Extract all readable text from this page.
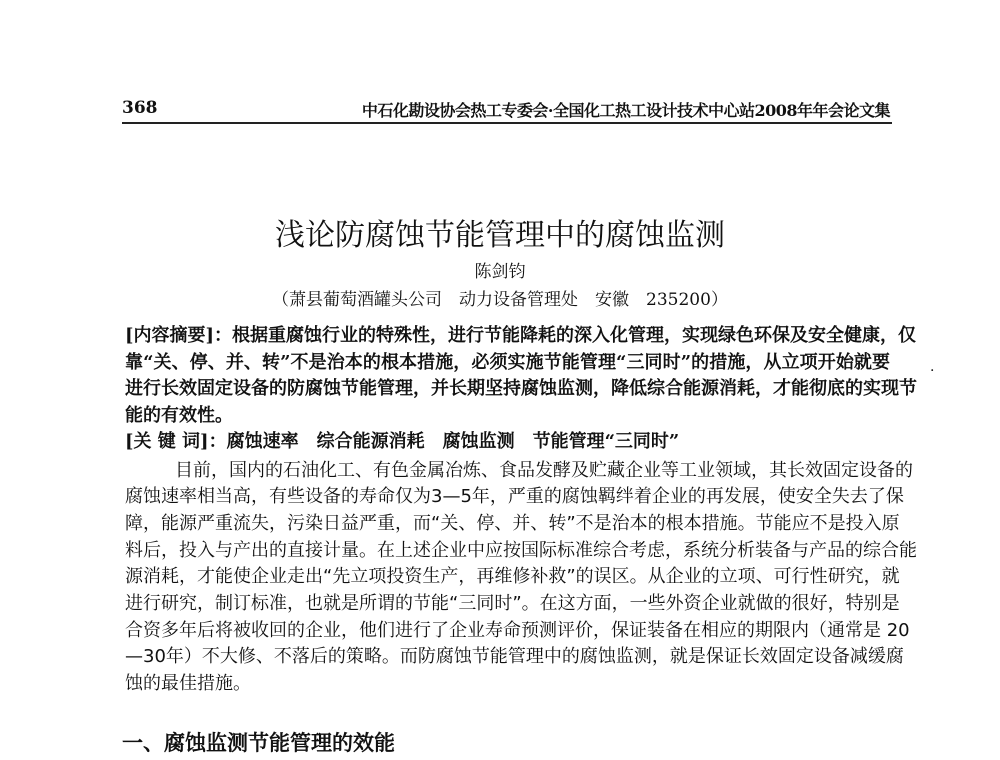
368	中石化勘设协会热工专委会·全国化工热工设计技术中心站2008年年会论文集
浅论防腐蚀节能管理中的腐蚀监测
陈剑钧
（萧县葡萄酒罐头公司　动力设备管理处　安徽　235200）
[内容摘要]：根据重腐蚀行业的特殊性，进行节能降耗的深入化管理，实现绿色环保及安全健康，仅
靠“关、停、并、转”不是治本的根本措施，必须实施节能管理“三同时”的措施，从立项开始就要
进行长效固定设备的防腐蚀节能管理，并长期坚持腐蚀监测，降低综合能源消耗，才能彻底的实现节
能的有效性。
[关 键 词]：腐蚀速率　综合能源消耗　腐蚀监测　节能管理“三同时”
·
目前，国内的石油化工、有色金属冶炼、食品发酵及贮藏企业等工业领域，其长效固定设备的
腐蚀速率相当高，有些设备的寿命仅为3—5年，严重的腐蚀羁绊着企业的再发展，使安全失去了保
障，能源严重流失，污染日益严重，而“关、停、并、转”不是治本的根本措施。节能应不是投入原
料后，投入与产出的直接计量。在上述企业中应按国际标准综合考虑，系统分析装备与产品的综合能
源消耗，才能使企业走出“先立项投资生产，再维修补救”的误区。从企业的立项、可行性研究，就
进行研究，制订标准，也就是所谓的节能“三同时”。在这方面，一些外资企业就做的很好，特别是
合资多年后将被收回的企业，他们进行了企业寿命预测评价，保证装备在相应的期限内（通常是 20
—30年）不大修、不落后的策略。而防腐蚀节能管理中的腐蚀监测，就是保证长效固定设备减缓腐
蚀的最佳措施。
一、腐蚀监测节能管理的效能
